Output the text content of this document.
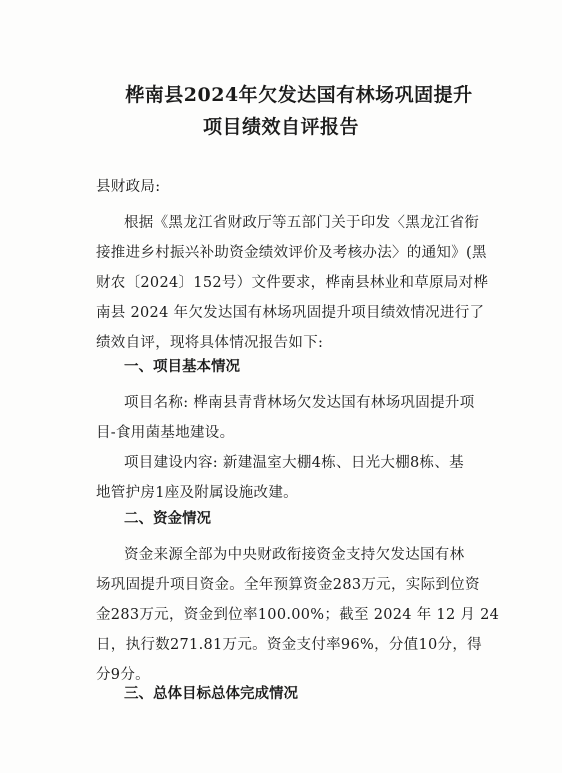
桦南县2024年欠发达国有林场巩固提升
项目绩效自评报告
县财政局:
根据《黑龙江省财政厅等五部门关于印发〈黑龙江省衔
接推进乡村振兴补助资金绩效评价及考核办法〉的通知》(黑
财农〔2024〕152号）文件要求，桦南县林业和草原局对桦
南县 2024 年欠发达国有林场巩固提升项目绩效情况进行了
绩效自评，现将具体情况报告如下:
一、项目基本情况
项目名称: 桦南县青背林场欠发达国有林场巩固提升项
目-食用菌基地建设。
项目建设内容: 新建温室大棚4栋、日光大棚8栋、基
地管护房1座及附属设施改建。
二、资金情况
资金来源全部为中央财政衔接资金支持欠发达国有林
场巩固提升项目资金。全年预算资金283万元，实际到位资
金283万元，资金到位率100.00%；截至 2024 年 12 月 24
日，执行数271.81万元。资金支付率96%，分值10分，得
分9分。
三、总体目标总体完成情况
